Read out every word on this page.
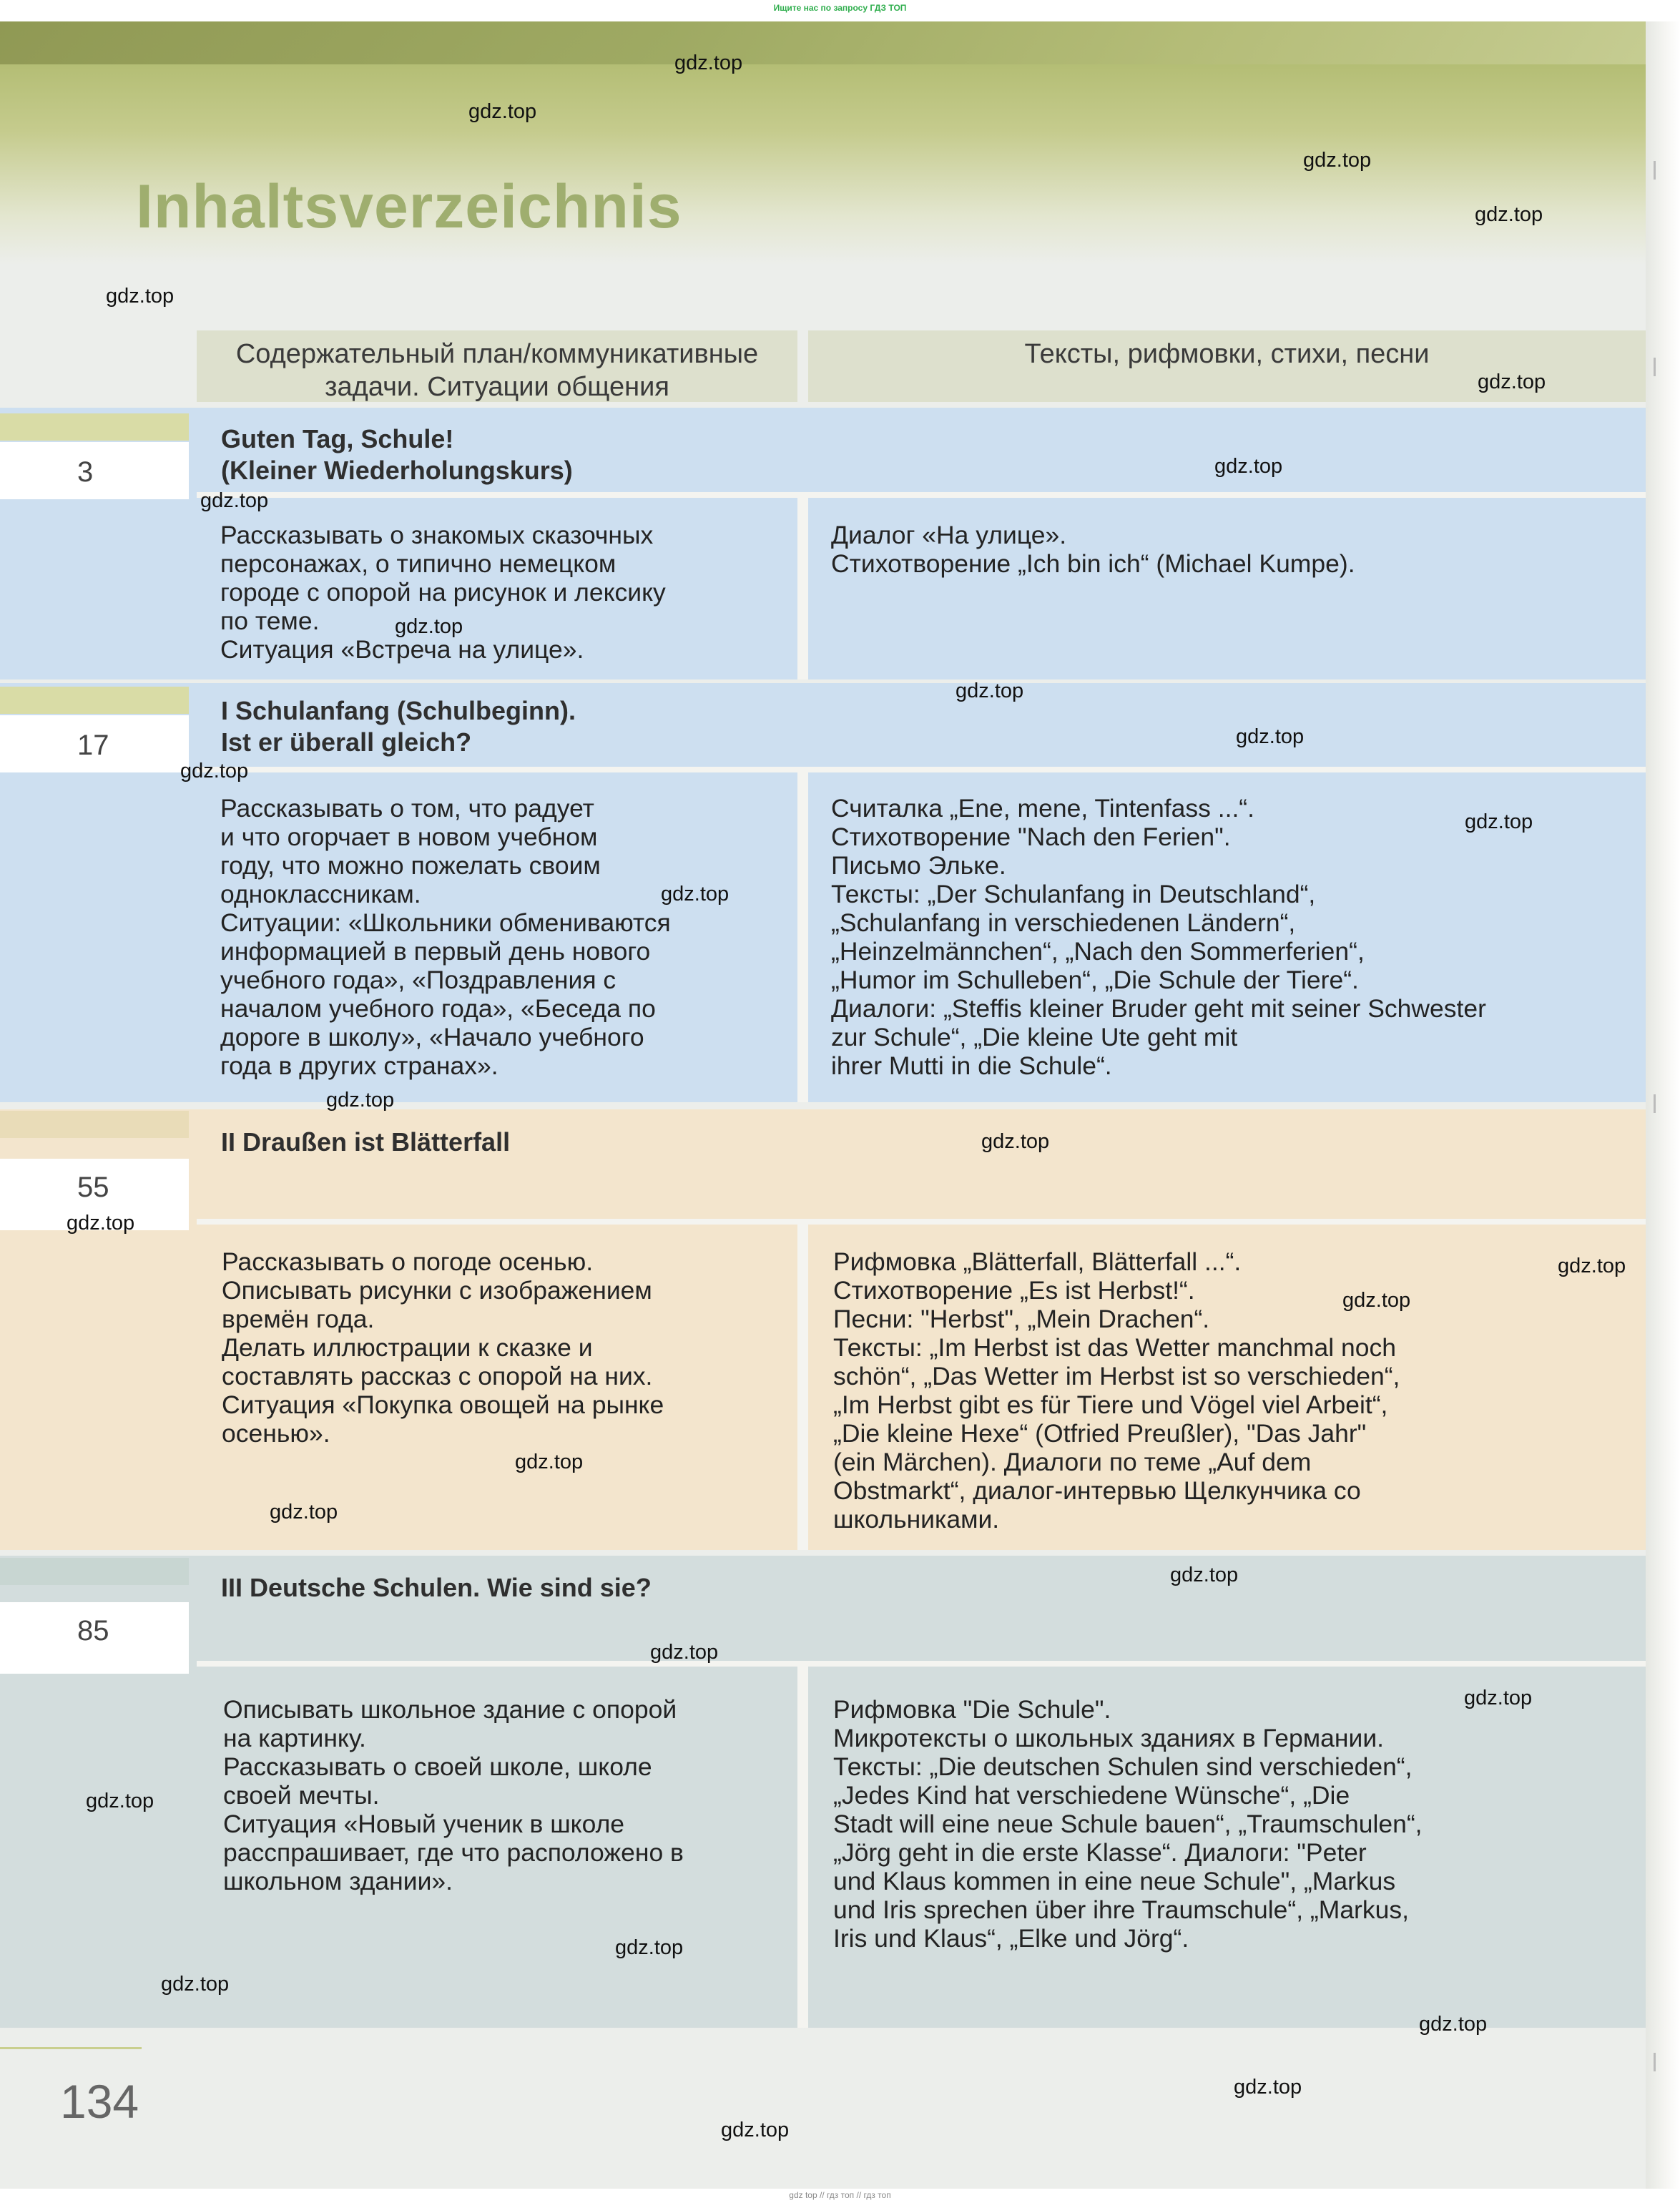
Ищите нас по запросу ГДЗ ТОП
Inhaltsverzeichnis
Содержательный план/коммуникативные задачи. Ситуации общения
Тексты, рифмовки, стихи, песни
3
Guten Tag, Schule!
(Kleiner Wiederholungskurs)
Рассказывать о знакомых сказочных
персонажах, о типично немецком
городе с опорой на рисунок и лексику
по теме.
Ситуация «Встреча на улице».
Диалог «На улице».
Стихотворение „Ich bin ich“ (Michael Kumpe).
17
I Schulanfang (Schulbeginn).
Ist er überall gleich?
Рассказывать о том, что радует
и что огорчает в новом учебном
году, что можно пожелать своим
одноклассникам.
Ситуации: «Школьники обмениваются
информацией в первый день нового
учебного года», «Поздравления с
началом учебного года», «Беседа по
дороге в школу», «Начало учебного
года в других странах».
Считалка „Ene, mene, Tintenfass ...“.
Стихотворение "Nach den Ferien".
Письмо Эльке.
Тексты: „Der Schulanfang in Deutschland“,
„Schulanfang in verschiedenen Ländern“,
„Heinzelmännchen“, „Nach den Sommerferien“,
„Humor im Schulleben“, „Die Schule der Tiere“.
Диалоги: „Steffis kleiner Bruder geht mit seiner Schwester
zur Schule“, „Die kleine Ute geht mit
ihrer Mutti in die Schule“.
55
II Draußen ist Blätterfall
Рассказывать о погоде осенью.
Описывать рисунки с изображением
времён года.
Делать иллюстрации к сказке и
составлять рассказ с опорой на них.
Ситуация «Покупка овощей на рынке
осенью».
Рифмовка „Blätterfall, Blätterfall ...“.
Стихотворение „Es ist Herbst!“.
Песни: "Herbst", „Mein Drachen“.
Тексты: „Im Herbst ist das Wetter manchmal noch
schön“, „Das Wetter im Herbst ist so verschieden“,
„Im Herbst gibt es für Tiere und Vögel viel Arbeit“,
„Die kleine Hexe“ (Otfried Preußler), "Das Jahr"
(ein Märchen). Диалоги по теме „Auf dem
Obstmarkt“, диалог-интервью Щелкунчика со
школьниками.
85
III Deutsche Schulen. Wie sind sie?
Описывать школьное здание с опорой
на картинку.
Рассказывать о своей школе, школе
своей мечты.
Ситуация «Новый ученик в школе
расспрашивает, где что расположено в
школьном здании».
Рифмовка "Die Schule".
Микротексты о школьных зданиях в Германии.
Тексты: „Die deutschen Schulen sind verschieden“,
„Jedes Kind hat verschiedene Wünsche“, „Die
Stadt will eine neue Schule bauen“, „Traumschulen“,
„Jörg geht in die erste Klasse“. Диалоги: "Peter
und Klaus kommen in eine neue Schule", „Markus
und Iris sprechen über ihre Traumschule“, „Markus,
Iris und Klaus“, „Elke und Jörg“.
134
gdz.top
gdz.top
gdz.top
gdz.top
gdz.top
gdz.top
gdz.top
gdz.top
gdz.top
gdz.top
gdz.top
gdz.top
gdz.top
gdz.top
gdz.top
gdz.top
gdz.top
gdz.top
gdz.top
gdz.top
gdz.top
gdz.top
gdz.top
gdz.top
gdz.top
gdz.top
gdz.top
gdz.top
gdz.top
gdz.top
gdz top // гдз топ // гдз топ
